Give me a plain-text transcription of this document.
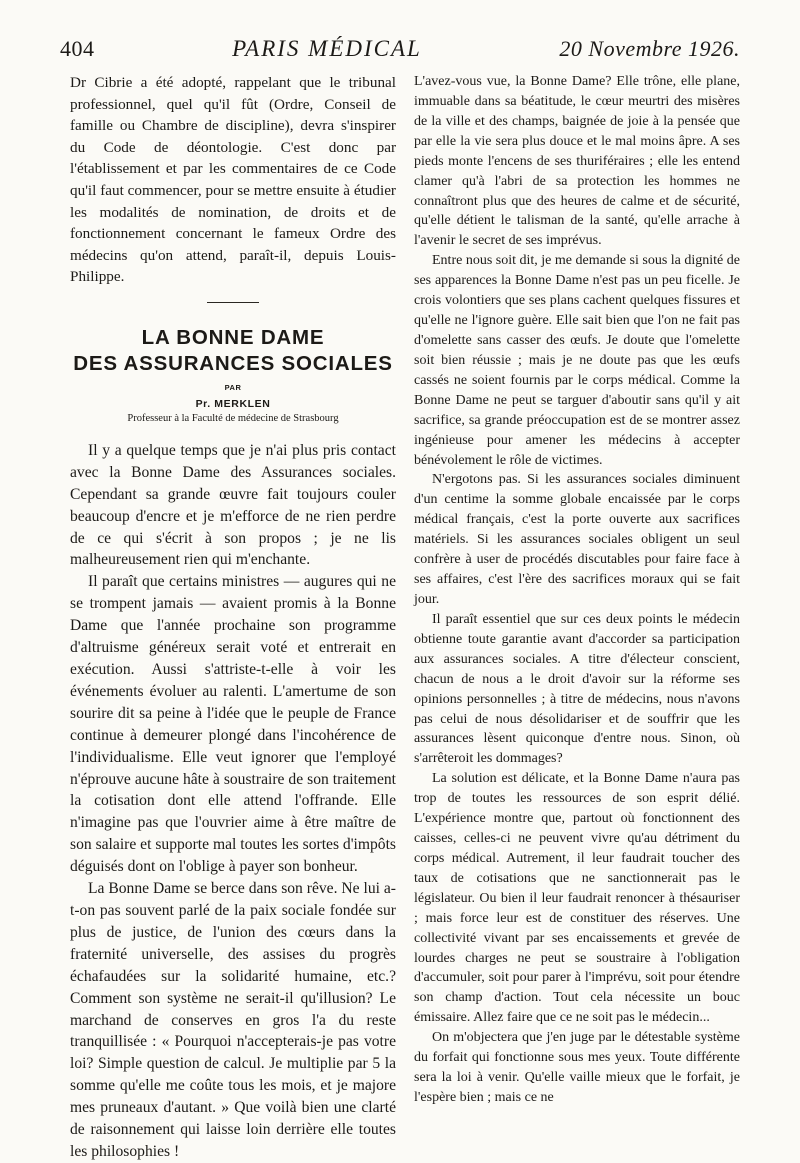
404	PARIS MÉDICAL	20 Novembre 1926.

Dr Cibrie a été adopté, rappelant que le tribunal professionnel, quel qu'il fût (Ordre, Conseil de famille ou Chambre de discipline), devra s'inspirer du Code de déontologie. C'est donc par l'établissement et par les commentaires de ce Code qu'il faut commencer, pour se mettre ensuite à étudier les modalités de nomination, de droits et de fonctionnement concernant le fameux Ordre des médecins qu'on attend, paraît-il, depuis Louis-Philippe.

LA BONNE DAME
DES ASSURANCES SOCIALES
PAR
Pr. MERKLEN
Professeur à la Faculté de médecine de Strasbourg

Il y a quelque temps que je n'ai plus pris contact avec la Bonne Dame des Assurances sociales. Cependant sa grande œuvre fait toujours couler beaucoup d'encre et je m'efforce de ne rien perdre de ce qui s'écrit à son propos ; je ne lis malheureusement rien qui m'enchante.

Il paraît que certains ministres — augures qui ne se trompent jamais — avaient promis à la Bonne Dame que l'année prochaine son programme d'altruisme généreux serait voté et entrerait en exécution. Aussi s'attriste-t-elle à voir les événements évoluer au ralenti. L'amertume de son sourire dit sa peine à l'idée que le peuple de France continue à demeurer plongé dans l'incohérence de l'individualisme. Elle veut ignorer que l'employé n'éprouve aucune hâte à soustraire de son traitement la cotisation dont elle attend l'offrande. Elle n'imagine pas que l'ouvrier aime à être maître de son salaire et supporte mal toutes les sortes d'impôts déguisés dont on l'oblige à payer son bonheur.

La Bonne Dame se berce dans son rêve. Ne lui a-t-on pas souvent parlé de la paix sociale fondée sur plus de justice, de l'union des cœurs dans la fraternité universelle, des assises du progrès échafaudées sur la solidarité humaine, etc.? Comment son système ne serait-il qu'illusion? Le marchand de conserves en gros l'a du reste tranquillisée : « Pourquoi n'accepterais-je pas votre loi? Simple question de calcul. Je multiplie par 5 la somme qu'elle me coûte tous les mois, et je majore mes pruneaux d'autant. » Que voilà bien une clarté de raisonnement qui laisse loin derrière elle toutes les philosophies !

L'avez-vous vue, la Bonne Dame? Elle trône, elle plane, immuable dans sa béatitude, le cœur meurtri des misères de la ville et des champs, baignée de joie à la pensée que par elle la vie sera plus douce et le mal moins âpre. A ses pieds monte l'encens de ses thuriféraires ; elle les entend clamer qu'à l'abri de sa protection les hommes ne connaîtront plus que des heures de calme et de sécurité, qu'elle détient le talisman de la santé, qu'elle arrache à l'avenir le secret de ses imprévus.

Entre nous soit dit, je me demande si sous la dignité de ses apparences la Bonne Dame n'est pas un peu ficelle. Je crois volontiers que ses plans cachent quelques fissures et qu'elle ne l'ignore guère. Elle sait bien que l'on ne fait pas d'omelette sans casser des œufs. Je doute que l'omelette soit bien réussie ; mais je ne doute pas que les œufs cassés ne soient fournis par le corps médical. Comme la Bonne Dame ne peut se targuer d'aboutir sans qu'il y ait sacrifice, sa grande préoccupation est de se montrer assez ingénieuse pour amener les médecins à accepter bénévolement le rôle de victimes.

N'ergotons pas. Si les assurances sociales diminuent d'un centime la somme globale encaissée par le corps médical français, c'est la porte ouverte aux sacrifices matériels. Si les assurances sociales obligent un seul confrère à user de procédés discutables pour faire face à ses affaires, c'est l'ère des sacrifices moraux qui se fait jour.

Il paraît essentiel que sur ces deux points le médecin obtienne toute garantie avant d'accorder sa participation aux assurances sociales. A titre d'électeur conscient, chacun de nous a le droit d'avoir sur la réforme ses opinions personnelles ; à titre de médecins, nous n'avons pas celui de nous désolidariser et de souffrir que les assurances lèsent quiconque d'entre nous. Sinon, où s'arrêteroit les dommages?

La solution est délicate, et la Bonne Dame n'aura pas trop de toutes les ressources de son esprit délié. L'expérience montre que, partout où fonctionnent des caisses, celles-ci ne peuvent vivre qu'au détriment du corps médical. Autrement, il leur faudrait toucher des taux de cotisations que ne sanctionnerait pas le législateur. Ou bien il leur faudrait renoncer à thésauriser ; mais force leur est de constituer des réserves. Une collectivité vivant par ses encaissements et grevée de lourdes charges ne peut se soustraire à l'obligation d'accumuler, soit pour parer à l'imprévu, soit pour étendre son champ d'action. Tout cela nécessite un bouc émissaire. Allez faire que ce ne soit pas le médecin...

On m'objectera que j'en juge par le détestable système du forfait qui fonctionne sous mes yeux. Toute différente sera la loi à venir. Qu'elle vaille mieux que le forfait, je l'espère bien ; mais ce ne
